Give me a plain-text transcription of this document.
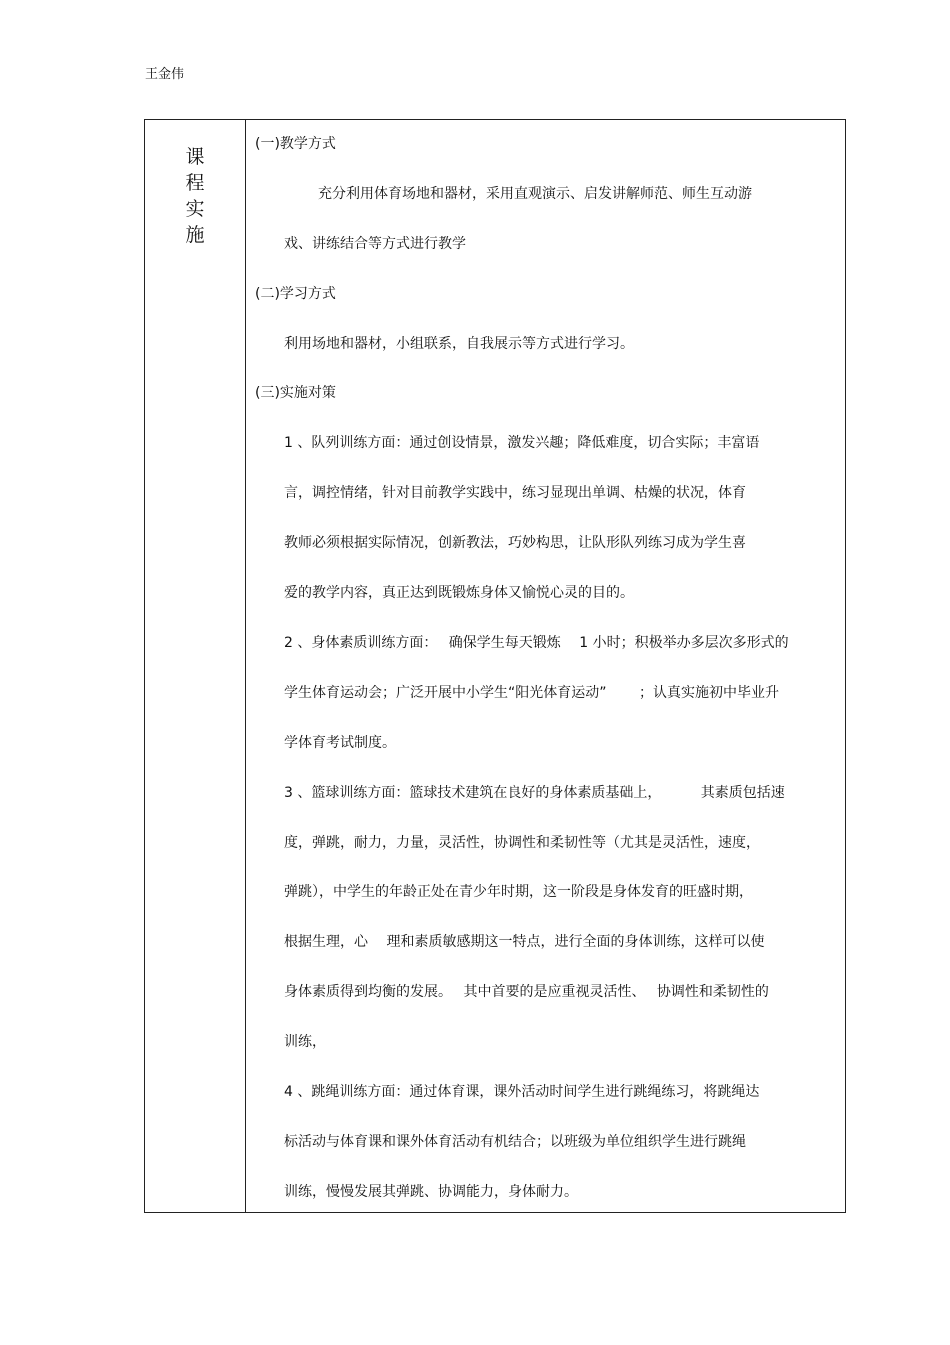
王金伟
课
程
实
施
(一)教学方式
充分利用体育场地和器材，采用直观演示、启发讲解师范、师生互动游
戏、讲练结合等方式进行教学
(二)学习方式
利用场地和器材，小组联系，自我展示等方式进行学习。
(三)实施对策
1 、队列训练方面：通过创设情景，激发兴趣；降低难度，切合实际；丰富语
言，调控情绪，针对目前教学实践中，练习显现出单调、枯燥的状况，体育
教师必须根据实际情况，创新教法，巧妙构思，让队形队列练习成为学生喜
爱的教学内容，真正达到既锻炼身体又愉悦心灵的目的。
2 、身体素质训练方面：　 确保学生每天锻炼　 1 小时；积极举办多层次多形式的
学生体育运动会；广泛开展中小学生“阳光体育运动”　　 ；认真实施初中毕业升
学体育考试制度。
3 、篮球训练方面：篮球技术建筑在良好的身体素质基础上，　　　 其素质包括速
度，弹跳，耐力，力量，灵活性，协调性和柔韧性等（尤其是灵活性，速度，
弹跳），中学生的年龄正处在青少年时期，这一阶段是身体发育的旺盛时期，
根据生理，心　 理和素质敏感期这一特点，进行全面的身体训练，这样可以使
身体素质得到均衡的发展。　 其中首要的是应重视灵活性、　 协调性和柔韧性的
训练，
4 、跳绳训练方面：通过体育课，课外活动时间学生进行跳绳练习，将跳绳达
标活动与体育课和课外体育活动有机结合；以班级为单位组织学生进行跳绳
训练，慢慢发展其弹跳、协调能力，身体耐力。
